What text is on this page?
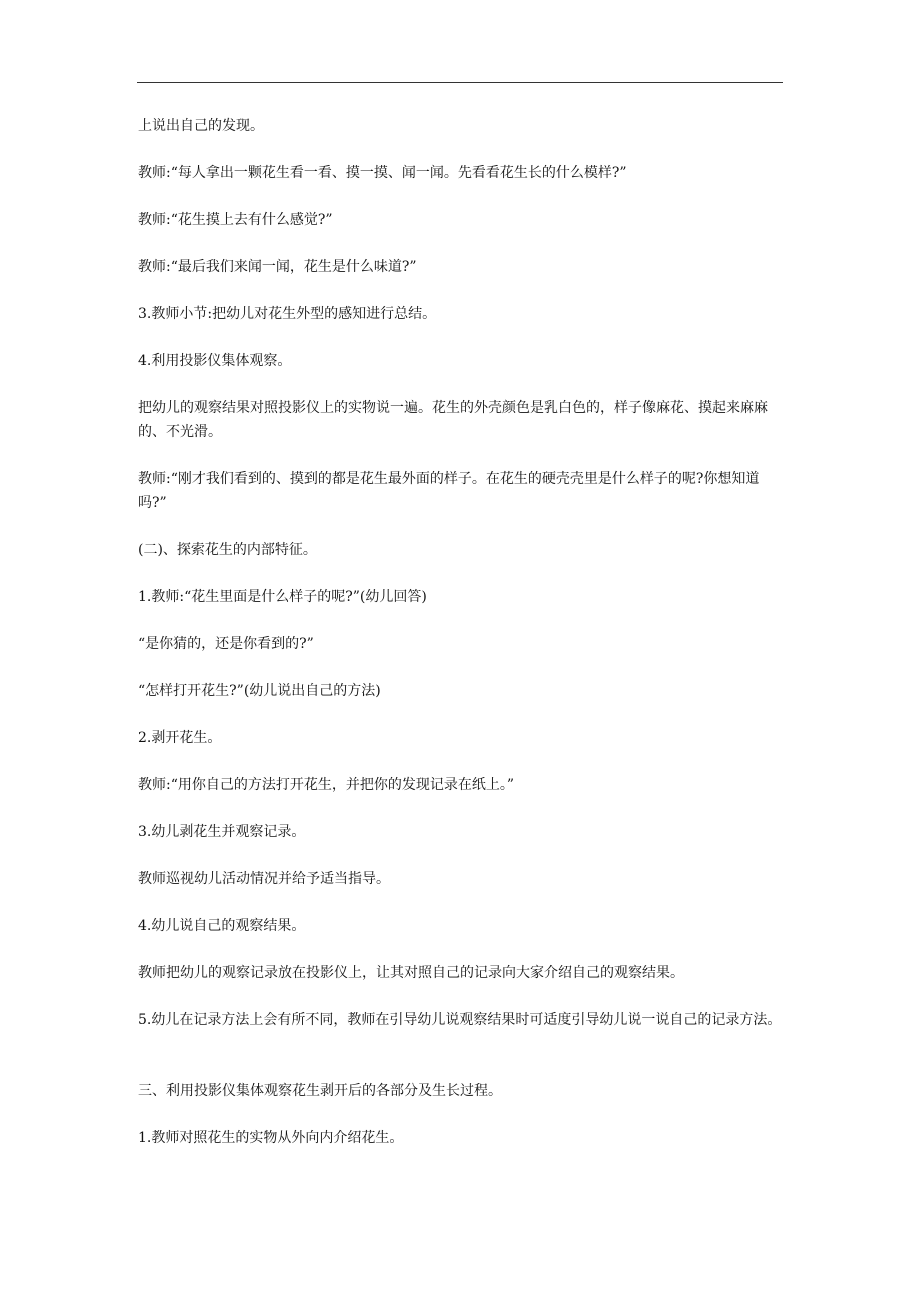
上说出自己的发现。

教师:“每人拿出一颗花生看一看、摸一摸、闻一闻。先看看花生长的什么模样?”

教师:“花生摸上去有什么感觉?”

教师:“最后我们来闻一闻，花生是什么味道?”

3.教师小节:把幼儿对花生外型的感知进行总结。

4.利用投影仪集体观察。

把幼儿的观察结果对照投影仪上的实物说一遍。花生的外壳颜色是乳白色的，样子像麻花、摸起来麻麻的、不光滑。

教师:“刚才我们看到的、摸到的都是花生最外面的样子。在花生的硬壳壳里是什么样子的呢?你想知道吗?”

(二)、探索花生的内部特征。

1.教师:“花生里面是什么样子的呢?”(幼儿回答)

“是你猜的，还是你看到的?”

“怎样打开花生?”(幼儿说出自己的方法)

2.剥开花生。

教师:“用你自己的方法打开花生，并把你的发现记录在纸上。”

3.幼儿剥花生并观察记录。

教师巡视幼儿活动情况并给予适当指导。

4.幼儿说自己的观察结果。

教师把幼儿的观察记录放在投影仪上，让其对照自己的记录向大家介绍自己的观察结果。

5.幼儿在记录方法上会有所不同，教师在引导幼儿说观察结果时可适度引导幼儿说一说自己的记录方法。

三、利用投影仪集体观察花生剥开后的各部分及生长过程。

1.教师对照花生的实物从外向内介绍花生。
